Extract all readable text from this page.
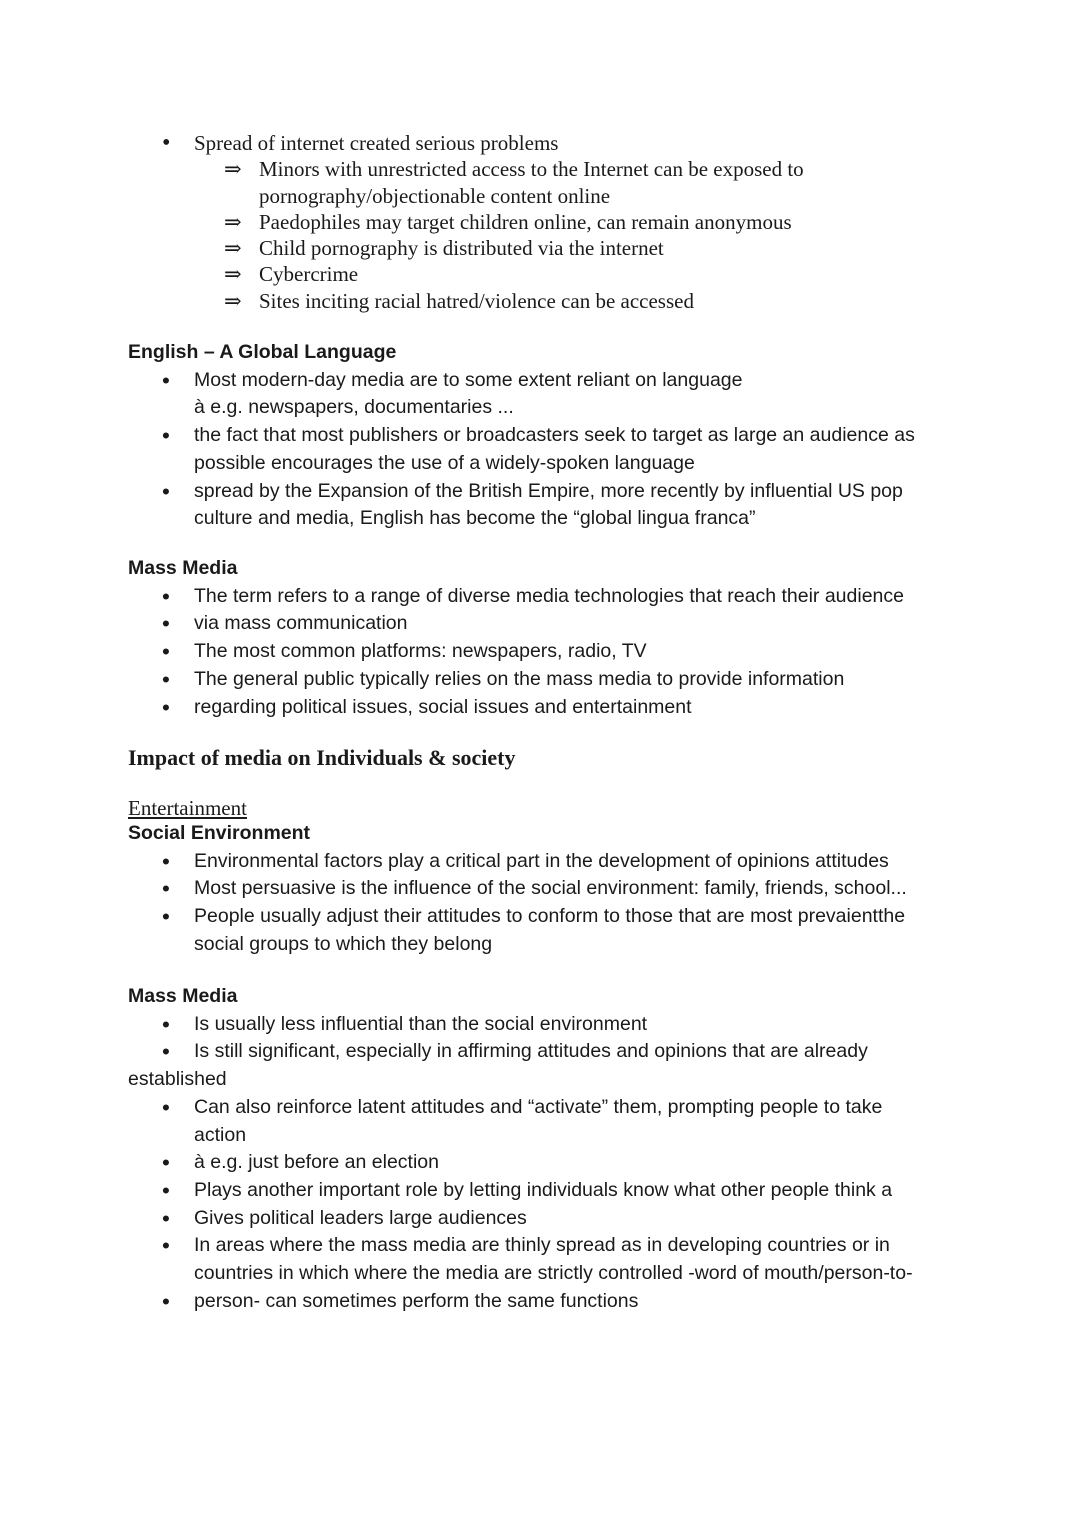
• Spread of internet created serious problems
⇒ Minors with unrestricted access to the Internet can be exposed to
pornography/objectionable content online
⇒ Paedophiles may target children online, can remain anonymous
⇒ Child pornography is distributed via the internet
⇒ Cybercrime
⇒ Sites inciting racial hatred/violence can be accessed
English – A Global Language
• Most modern-day media are to some extent reliant on language
à e.g. newspapers, documentaries ...
• the fact that most publishers or broadcasters seek to target as large an audience as
possible encourages the use of a widely-spoken language
• spread by the Expansion of the British Empire, more recently by influential US pop
culture and media, English has become the “global lingua franca”
Mass Media
• The term refers to a range of diverse media technologies that reach their audience
• via mass communication
• The most common platforms: newspapers, radio, TV
• The general public typically relies on the mass media to provide information
• regarding political issues, social issues and entertainment
Impact of media on Individuals & society
Entertainment
Social Environment
• Environmental factors play a critical part in the development of opinions attitudes
• Most persuasive is the influence of the social environment: family, friends, school...
• People usually adjust their attitudes to conform to those that are most prevaientthe
social groups to which they belong
Mass Media
• Is usually less influential than the social environment
• Is still significant, especially in affirming attitudes and opinions that are already
established
• Can also reinforce latent attitudes and “activate” them, prompting people to take
action
• à e.g. just before an election
• Plays another important role by letting individuals know what other people think a
• Gives political leaders large audiences
• In areas where the mass media are thinly spread as in developing countries or in
countries in which where the media are strictly controlled -word of mouth/person-to-
• person- can sometimes perform the same functions
